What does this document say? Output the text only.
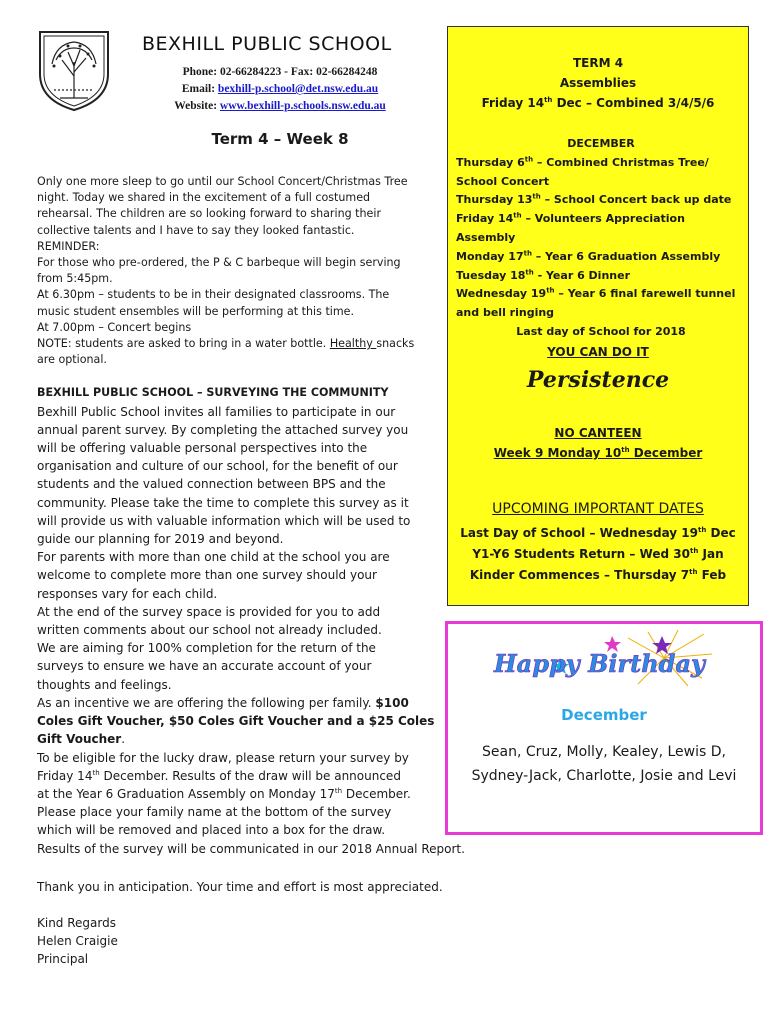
BEXHILL PUBLIC SCHOOL
Phone: 02-66284223 - Fax: 02-66284248
Email: bexhill-p.school@det.nsw.edu.au
Website: www.bexhill-p.schools.nsw.edu.au
Term 4 – Week 8

Only one more sleep to go until our School Concert/Christmas Tree

night. Today we shared in the excitement of a full costumed

rehearsal. The children are so looking forward to sharing their

collective talents and I have to say they looked fantastic.

REMINDER:

For those who pre-ordered, the P & C barbeque will begin serving

from 5:45pm.

At 6.30pm – students to be in their designated classrooms. The

music student ensembles will be performing at this time.

At 7.00pm – Concert begins

NOTE: students are asked to bring in a water bottle. Healthy snacks

are optional.

BEXHILL PUBLIC SCHOOL – SURVEYING THE COMMUNITY

Bexhill Public School invites all families to participate in our

annual parent survey. By completing the attached survey you

will be offering valuable personal perspectives into the

organisation and culture of our school, for the benefit of our

students and the valued connection between BPS and the

community. Please take the time to complete this survey as it

will provide us with valuable information which will be used to

guide our planning for 2019 and beyond.

For parents with more than one child at the school you are

welcome to complete more than one survey should your

responses vary for each child.

At the end of the survey space is provided for you to add

written comments about our school not already included.

We are aiming for 100% completion for the return of the

surveys to ensure we have an accurate account of your

thoughts and feelings.

As an incentive we are offering the following per family. $100

Coles Gift Voucher, $50 Coles Gift Voucher and a $25 Coles

Gift Voucher.

To be eligible for the lucky draw, please return your survey by

Friday 14th December. Results of the draw will be announced

at the Year 6 Graduation Assembly on Monday 17th December.

Please place your family name at the bottom of the survey

which will be removed and placed into a box for the draw.

Results of the survey will be communicated in our 2018 Annual Report.

Thank you in anticipation. Your time and effort is most appreciated.

Kind Regards

Helen Craigie

Principal

TERM 4
Assemblies
Friday 14th Dec – Combined 3/4/5/6
DECEMBER
Thursday 6th – Combined Christmas Tree/
School Concert
Thursday 13th – School Concert back up date
Friday 14th – Volunteers Appreciation Assembly
Monday 17th – Year 6 Graduation Assembly
Tuesday 18th - Year 6 Dinner
Wednesday 19th – Year 6 final farewell tunnel
and bell ringing
Last day of School for 2018
YOU CAN DO IT
Persistence
NO CANTEEN
Week 9 Monday 10th December
UPCOMING IMPORTANT DATES
Last Day of School – Wednesday 19th Dec
Y1-Y6 Students Return – Wed 30th Jan
Kinder Commences – Thursday 7th Feb
Happy Birthday
December
Sean, Cruz, Molly, Kealey, Lewis D, Sydney-Jack, Charlotte, Josie and Levi
